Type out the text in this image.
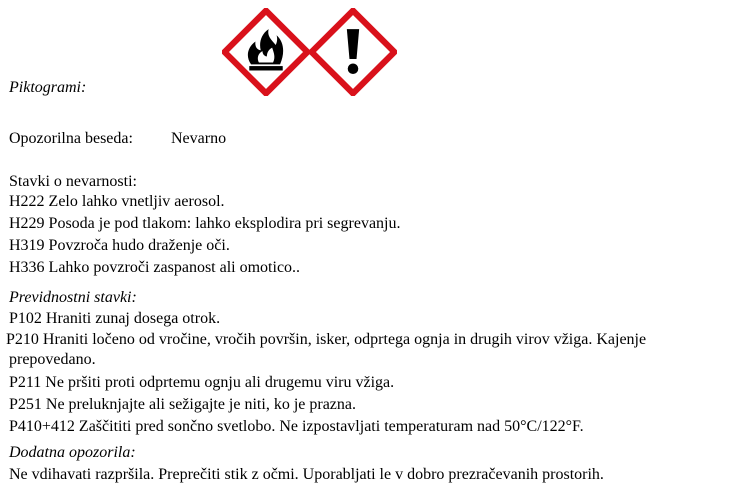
Piktogrami:
Opozorilna beseda: Nevarno
Stavki o nevarnosti:
H222 Zelo lahko vnetljiv aerosol.
H229 Posoda je pod tlakom: lahko eksplodira pri segrevanju.
H319 Povzroča hudo draženje oči.
H336 Lahko povzroči zaspanost ali omotico..
Previdnostni stavki:
P102 Hraniti zunaj dosega otrok.
P210 Hraniti ločeno od vročine, vročih površin, isker, odprtega ognja in drugih virov vžiga. Kajenje
prepovedano.
P211 Ne pršiti proti odprtemu ognju ali drugemu viru vžiga.
P251 Ne preluknjajte ali sežigajte je niti, ko je prazna.
P410+412 Zaščititi pred sončno svetlobo. Ne izpostavljati temperaturam nad 50°C/122°F.
Dodatna opozorila:
Ne vdihavati razpršila. Preprečiti stik z očmi. Uporabljati le v dobro prezračevanih prostorih.
